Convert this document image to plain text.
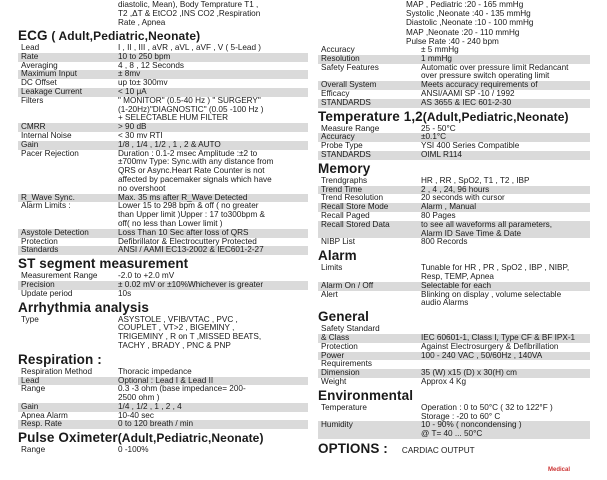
diastolic, Mean), Body Temprature T1 ,
T2 ,ΔT & EtCO2 ,INS CO2 ,Respiration
Rate , Apnea
ECG ( Adult,Pediatric,Neonate)
Lead	I , II , III , aVR , aVL , aVF , V ( 5-Lead )

Rate	10 to 250 bpm

Averaging	4 , 8 , 12 Seconds

Maximum Input	± 8mv

DC Offset	up to± 300mv

Leakage Current	< 10 μA

Filters	" MONITOR" (0.5-40 Hz ) " SURGERY"
(1-20Hz)"DIAGNOSTIC" (0.05 -100 Hz )
+ SELECTABLE HUM FILTER

CMRR	> 90 dB

Internal Noise	< 30 mv RTI

Gain	1/8 , 1/4 , 1/2 , 1 , 2 & AUTO

Pacer Rejection	Duration : 0.1-2 msec Amplitude :±2 to
±700mv Type: Sync.with any distance from
QRS or Async.Heart Rate Counter is not
affected by pacemaker signals which have
no overshoot

R_Wave Sync.	Max. 35 ms after R_Wave Detected

Alarm Limits :	Lower 15 to 298 bpm & off ( no greater
than Upper limit )Upper : 17 to300bpm &
off( no less than Lower limit )

Asystole Detection	Loss Than 10 Sec after loss of QRS

Protection	Defibrillator & Electrocuttery Protected

Standards	ANSI / AAMI EC13-2002 & IEC601-2-27
ST segment measurement
Measurement Range	-2.0 to +2.0 mV

Precision	± 0.02 mV or ±10%Whichever is greater

Update period	10s
Arrhythmia analysis
Type	ASYSTOLE , VFIB/VTAC , PVC ,
COUPLET , VT>2 , BIGEMINY ,
TRIGEMINY , R on T ,MISSED BEATS,
TACHY , BRADY , PNC & PNP
Respiration :
Respiration Method	Thoracic impedance

Lead	Optional : Lead I & Lead II

Range	0.3 -3 ohm (base impedance= 200-
2500 ohm )

Gain	1/4 , 1/2 , 1 , 2 , 4

Apnea Alarm	10-40 sec

Resp. Rate	0 to 120 breath / min
Pulse Oximeter(Adult,Pediatric,Neonate)
Range	0 -100%
MAP , Pediatric :20 - 165 mmHg
Systolic ,Neonate :40 - 135 mmHg
Diastolic ,Neonate :10 - 100 mmHg
MAP ,Neonate :20 - 110 mmHg
Pulse Rate :40 - 240 bpm
Accuracy	± 5 mmHg

Resolution	1 mmHg

Safety Features	Automatic over pressure limit Redancant
over pressure switch operating limit

Overall System	Meets accuracy requirements of

Efficacy	ANSI/AAMI SP -10 / 1992

STANDARDS	AS 3655 & IEC 601-2-30
Temperature 1,2(Adult,Pediatric,Neonate)
Measure Range	25 - 50°C

Accuracy	±0.1°C

Probe Type	YSI 400 Series Compatible

STANDARDS	OIML R114
Memory
Trendgraphs	HR , RR , SpO2, T1 , T2 , IBP

Trend Time	2 , 4 , 24, 96 hours

Trend Resolution	20 seconds with cursor

Recall Store Mode	Alarm , Manual

Recall Paged	80 Pages

Recall Stored Data	to see all waveforms all parameters,
Alarm ID Save Time & Date

NIBP List	800 Records
Alarm
Limits	Tunable for HR , PR , SpO2 , IBP , NIBP,
Resp, TEMP, Apnea

Alarm On / Off	Selectable for each

Alert	Blinking on display , volume selectable
audio Alarms
General
Safety Standard	

& Class	IEC 60601-1, Class I, Type CF & BF IPX-1

Protection	Against Electrosurgery & Defibrillation

Power	100 - 240 VAC , 50/60Hz , 140VA

Requirements	

Dimension	35 (W) x15 (D) x 30(H) cm

Weight	Approx 4 Kg
Environmental
Temperature	Operation : 0 to 50°C ( 32 to 122°F )
Storage : -20 to 60° C

Humidity	10 - 90% ( noncondensing )
@ T= 40 ... 50°C
OPTIONS : CARDIAC OUTPUT
Medical
